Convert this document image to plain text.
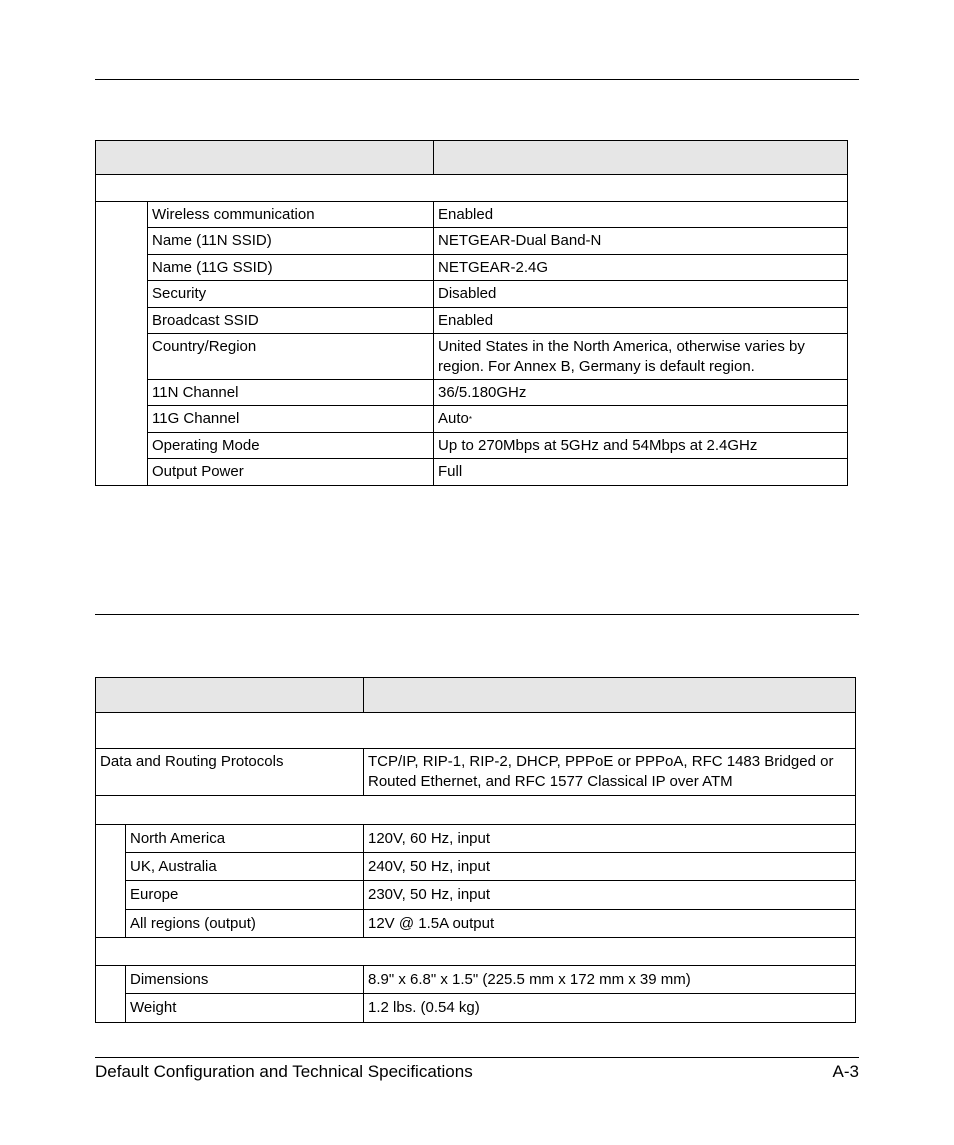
	Wireless communication	Enabled
	Name (11N SSID)	NETGEAR-Dual Band-N
	Name (11G SSID)	NETGEAR-2.4G
	Security	Disabled
	Broadcast SSID	Enabled
	Country/Region	United States in the North America, otherwise varies by region. For Annex B, Germany is default region.
	11N Channel	36/5.180GHz
	11G Channel	Auto*
	Operating Mode	Up to 270Mbps at 5GHz and 54Mbps at 2.4GHz
	Output Power	Full

Data and Routing Protocols		TCP/IP, RIP-1, RIP-2, DHCP, PPPoE or PPPoA, RFC 1483 Bridged or Routed Ethernet, and RFC 1577 Classical IP over ATM

	North America	120V, 60 Hz, input
	UK, Australia	240V, 50 Hz, input
	Europe	230V, 50 Hz, input
	All regions (output)	12V @ 1.5A output

	Dimensions	8.9" x 6.8" x 1.5" (225.5 mm x 172 mm x 39 mm)
	Weight	1.2 lbs. (0.54 kg)
Default Configuration and Technical Specifications	A-3
